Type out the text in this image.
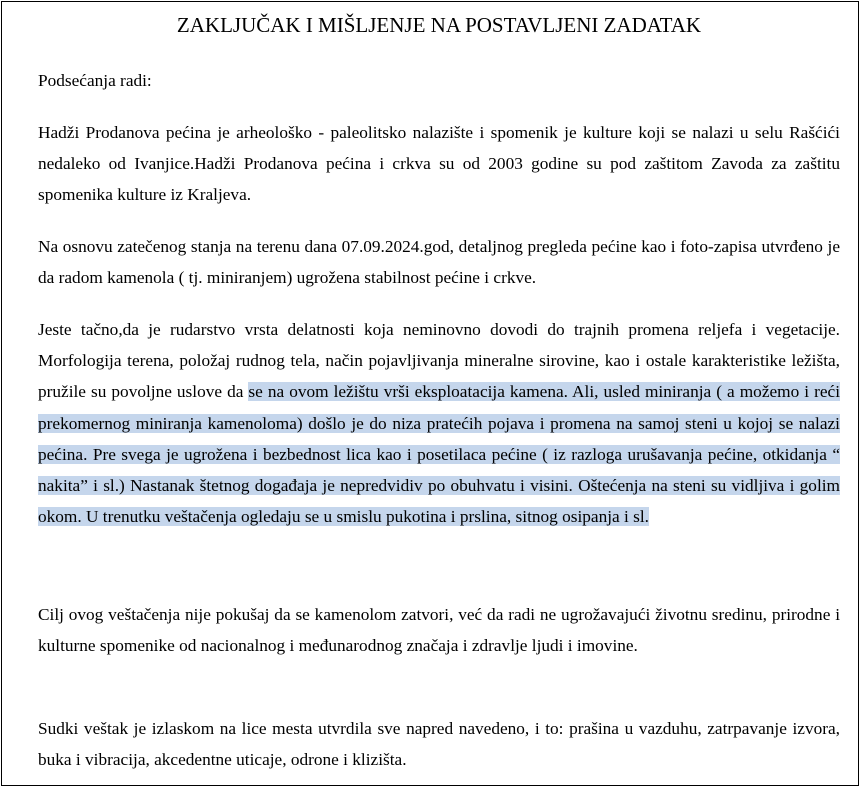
ZAKLJUČAK I MIŠLJENJE NA POSTAVLJENI ZADATAK
Podsećanja radi:
Hadži Prodanova pećina je arheološko - paleolitsko nalazište i spomenik je kulture koji se nalazi u selu Rašćići nedaleko od Ivanjice.Hadži Prodanova pećina i crkva su od 2003 godine su pod zaštitom Zavoda za zaštitu spomenika kulture iz Kraljeva.
Na osnovu zatečenog stanja na terenu dana 07.09.2024.god, detaljnog pregleda pećine kao i foto-zapisa utvrđeno je da radom kamenola ( tj. miniranjem) ugrožena stabilnost pećine i crkve.
Jeste tačno,da je rudarstvo vrsta delatnosti koja neminovno dovodi do trajnih promena reljefa i vegetacije. Morfologija terena, položaj rudnog tela, način pojavljivanja mineralne sirovine, kao i ostale karakteristike ležišta, pružile su povoljne uslove da se na ovom ležištu vrši eksploatacija kamena. Ali, usled miniranja ( a možemo i reći prekomernog miniranja kamenoloma) došlo je do niza pratećih pojava i promena na samoj steni u kojoj se nalazi pećina. Pre svega je ugrožena i bezbednost lica kao i posetilaca pećine ( iz razloga urušavanja pećine, otkidanja “ nakita” i sl.) Nastanak štetnog događaja je nepredvidiv po obuhvatu i visini. Oštećenja na steni su vidljiva i golim okom. U trenutku veštačenja ogledaju se u smislu pukotina i prslina, sitnog osipanja i sl.
Cilj ovog veštačenja nije pokušaj da se kamenolom zatvori, već da radi ne ugrožavajući životnu sredinu, prirodne i kulturne spomenike od nacionalnog i međunarodnog značaja i zdravlje ljudi i imovine.
Sudki veštak je izlaskom na lice mesta utvrdila sve napred navedeno, i to: prašina u vazduhu, zatrpavanje izvora, buka i vibracija, akcedentne uticaje, odrone i klizišta.
